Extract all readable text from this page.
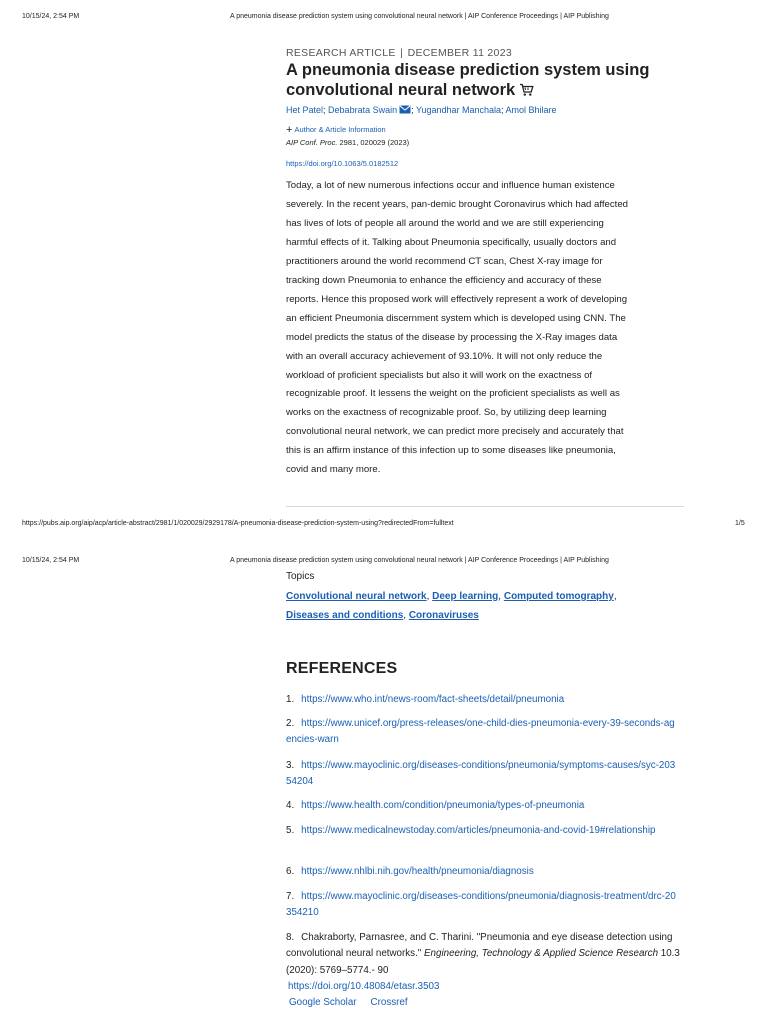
10/15/24, 2:54 PM	A pneumonia disease prediction system using convolutional neural network | AIP Conference Proceedings | AIP Publishing
RESEARCH ARTICLE | DECEMBER 11 2023
A pneumonia disease prediction system using convolutional neural network
Het Patel; Debabrata Swain ; Yugandhar Manchala; Amol Bhilare
+ Author & Article Information
AIP Conf. Proc. 2981, 020029 (2023)
https://doi.org/10.1063/5.0182512

Today, a lot of new numerous infections occur and influence human existence
severely. In the recent years, pan-demic brought Coronavirus which had affected
has lives of lots of people all around the world and we are still experiencing
harmful effects of it. Talking about Pneumonia specifically, usually doctors and
practitioners around the world recommend CT scan, Chest X-ray image for
tracking down Pneumonia to enhance the efficiency and accuracy of these
reports. Hence this proposed work will effectively represent a work of developing
an efficient Pneumonia discernment system which is developed using CNN. The
model predicts the status of the disease by processing the X-Ray images data
with an overall accuracy achievement of 93.10%. It will not only reduce the
workload of proficient specialists but also it will work on the exactness of
recognizable proof. It lessens the weight on the proficient specialists as well as
works on the exactness of recognizable proof. So, by utilizing deep learning
convolutional neural network, we can predict more precisely and accurately that
this is an affirm instance of this infection up to some diseases like pneumonia,
covid and many more.

https://pubs.aip.org/aip/acp/article-abstract/2981/1/020029/2929178/A-pneumonia-disease-prediction-system-using?redirectedFrom=fulltext	1/5
10/15/24, 2:54 PM	A pneumonia disease prediction system using convolutional neural network | AIP Conference Proceedings | AIP Publishing
Topics
Convolutional neural network, Deep learning, Computed tomography,
Diseases and conditions, Coronaviruses
REFERENCES
1. https://www.who.int/news-room/fact-sheets/detail/pneumonia
2. https://www.unicef.org/press-releases/one-child-dies-pneumonia-every-39-seconds-agencies-warn
3. https://www.mayoclinic.org/diseases-conditions/pneumonia/symptoms-causes/syc-20354204
4. https://www.health.com/condition/pneumonia/types-of-pneumonia
5. https://www.medicalnewstoday.com/articles/pneumonia-and-covid-19#relationship
6. https://www.nhlbi.nih.gov/health/pneumonia/diagnosis
7. https://www.mayoclinic.org/diseases-conditions/pneumonia/diagnosis-treatment/drc-20354210
8. Chakraborty, Parnasree, and C. Tharini. "Pneumonia and eye disease detection using convolutional neural networks." Engineering, Technology & Applied Science Research 10.3 (2020): 5769–5774.- 90
https://doi.org/10.48084/etasr.3503
Google Scholar Crossref
